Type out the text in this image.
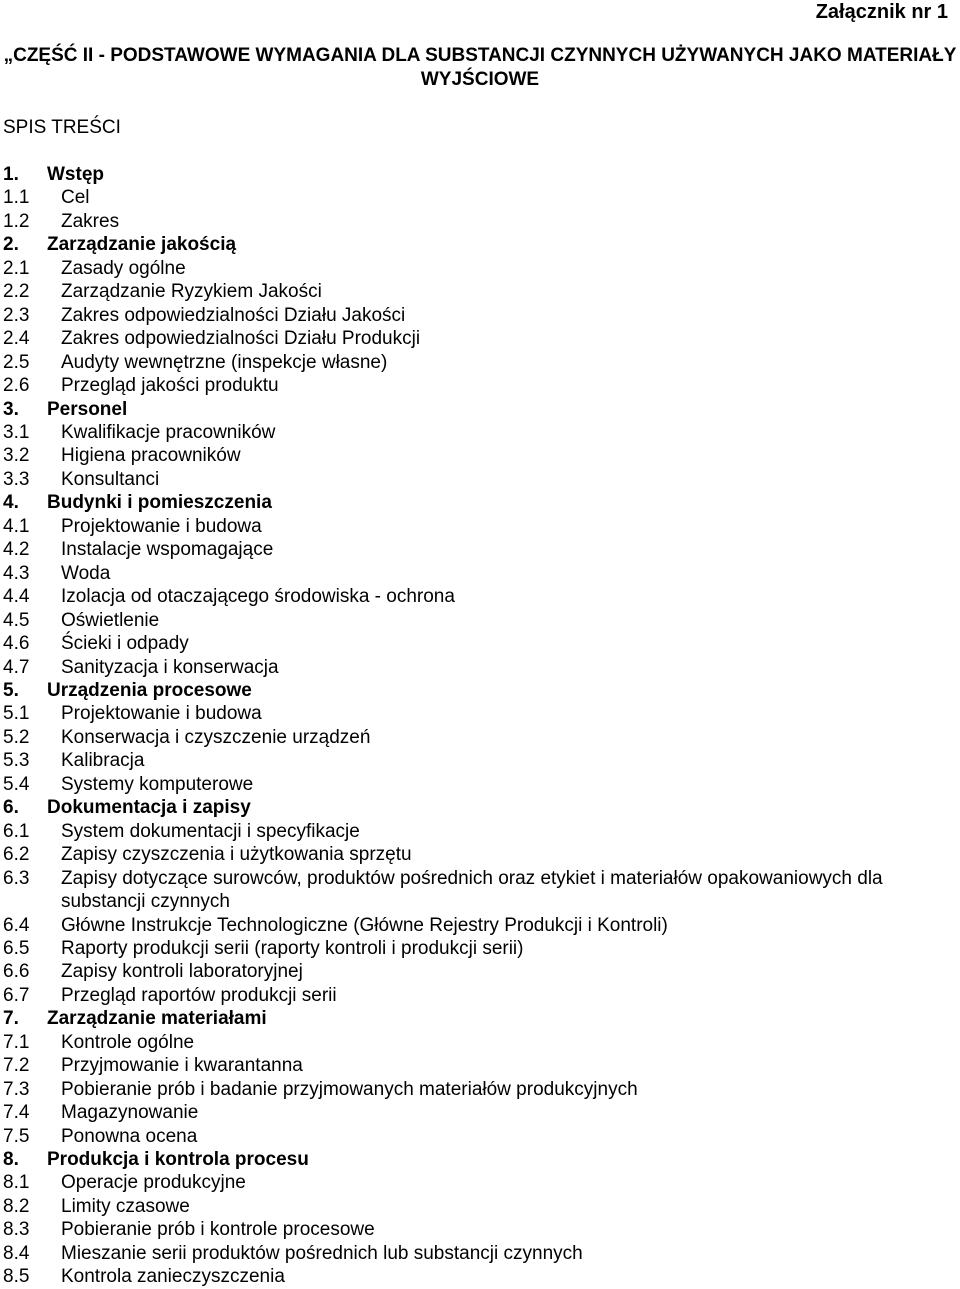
Załącznik nr 1
„CZĘŚĆ II - PODSTAWOWE WYMAGANIA DLA SUBSTANCJI CZYNNYCH UŻYWANYCH JAKO MATERIAŁY WYJŚCIOWE
SPIS TREŚCI
1.	Wstęp
1.1	Cel
1.2	Zakres
2.	Zarządzanie jakością
2.1	Zasady ogólne
2.2	Zarządzanie Ryzykiem Jakości
2.3	Zakres odpowiedzialności Działu Jakości
2.4	Zakres odpowiedzialności Działu Produkcji
2.5	Audyty wewnętrzne (inspekcje własne)
2.6	Przegląd jakości produktu
3.	Personel
3.1	Kwalifikacje pracowników
3.2	Higiena pracowników
3.3	Konsultanci
4.	Budynki i pomieszczenia
4.1	Projektowanie i budowa
4.2	Instalacje wspomagające
4.3	Woda
4.4	Izolacja od otaczającego środowiska - ochrona
4.5	Oświetlenie
4.6	Ścieki i odpady
4.7	Sanityzacja i konserwacja
5.	Urządzenia procesowe
5.1	Projektowanie i budowa
5.2	Konserwacja i czyszczenie urządzeń
5.3	Kalibracja
5.4	Systemy komputerowe
6.	Dokumentacja i zapisy
6.1	System dokumentacji i specyfikacje
6.2	Zapisy czyszczenia i użytkowania sprzętu
6.3	Zapisy dotyczące surowców, produktów pośrednich oraz etykiet i materiałów opakowaniowych dla substancji czynnych
6.4	Główne Instrukcje Technologiczne (Główne Rejestry Produkcji i Kontroli)
6.5	Raporty produkcji serii (raporty kontroli i produkcji serii)
6.6	Zapisy kontroli laboratoryjnej
6.7	Przegląd raportów produkcji serii
7.	Zarządzanie materiałami
7.1	Kontrole ogólne
7.2	Przyjmowanie i kwarantanna
7.3	Pobieranie prób i badanie przyjmowanych materiałów produkcyjnych
7.4	Magazynowanie
7.5	Ponowna ocena
8.	Produkcja i kontrola procesu
8.1	Operacje produkcyjne
8.2	Limity czasowe
8.3	Pobieranie prób i kontrole procesowe
8.4	Mieszanie serii produktów pośrednich lub substancji czynnych
8.5	Kontrola zanieczyszczenia
